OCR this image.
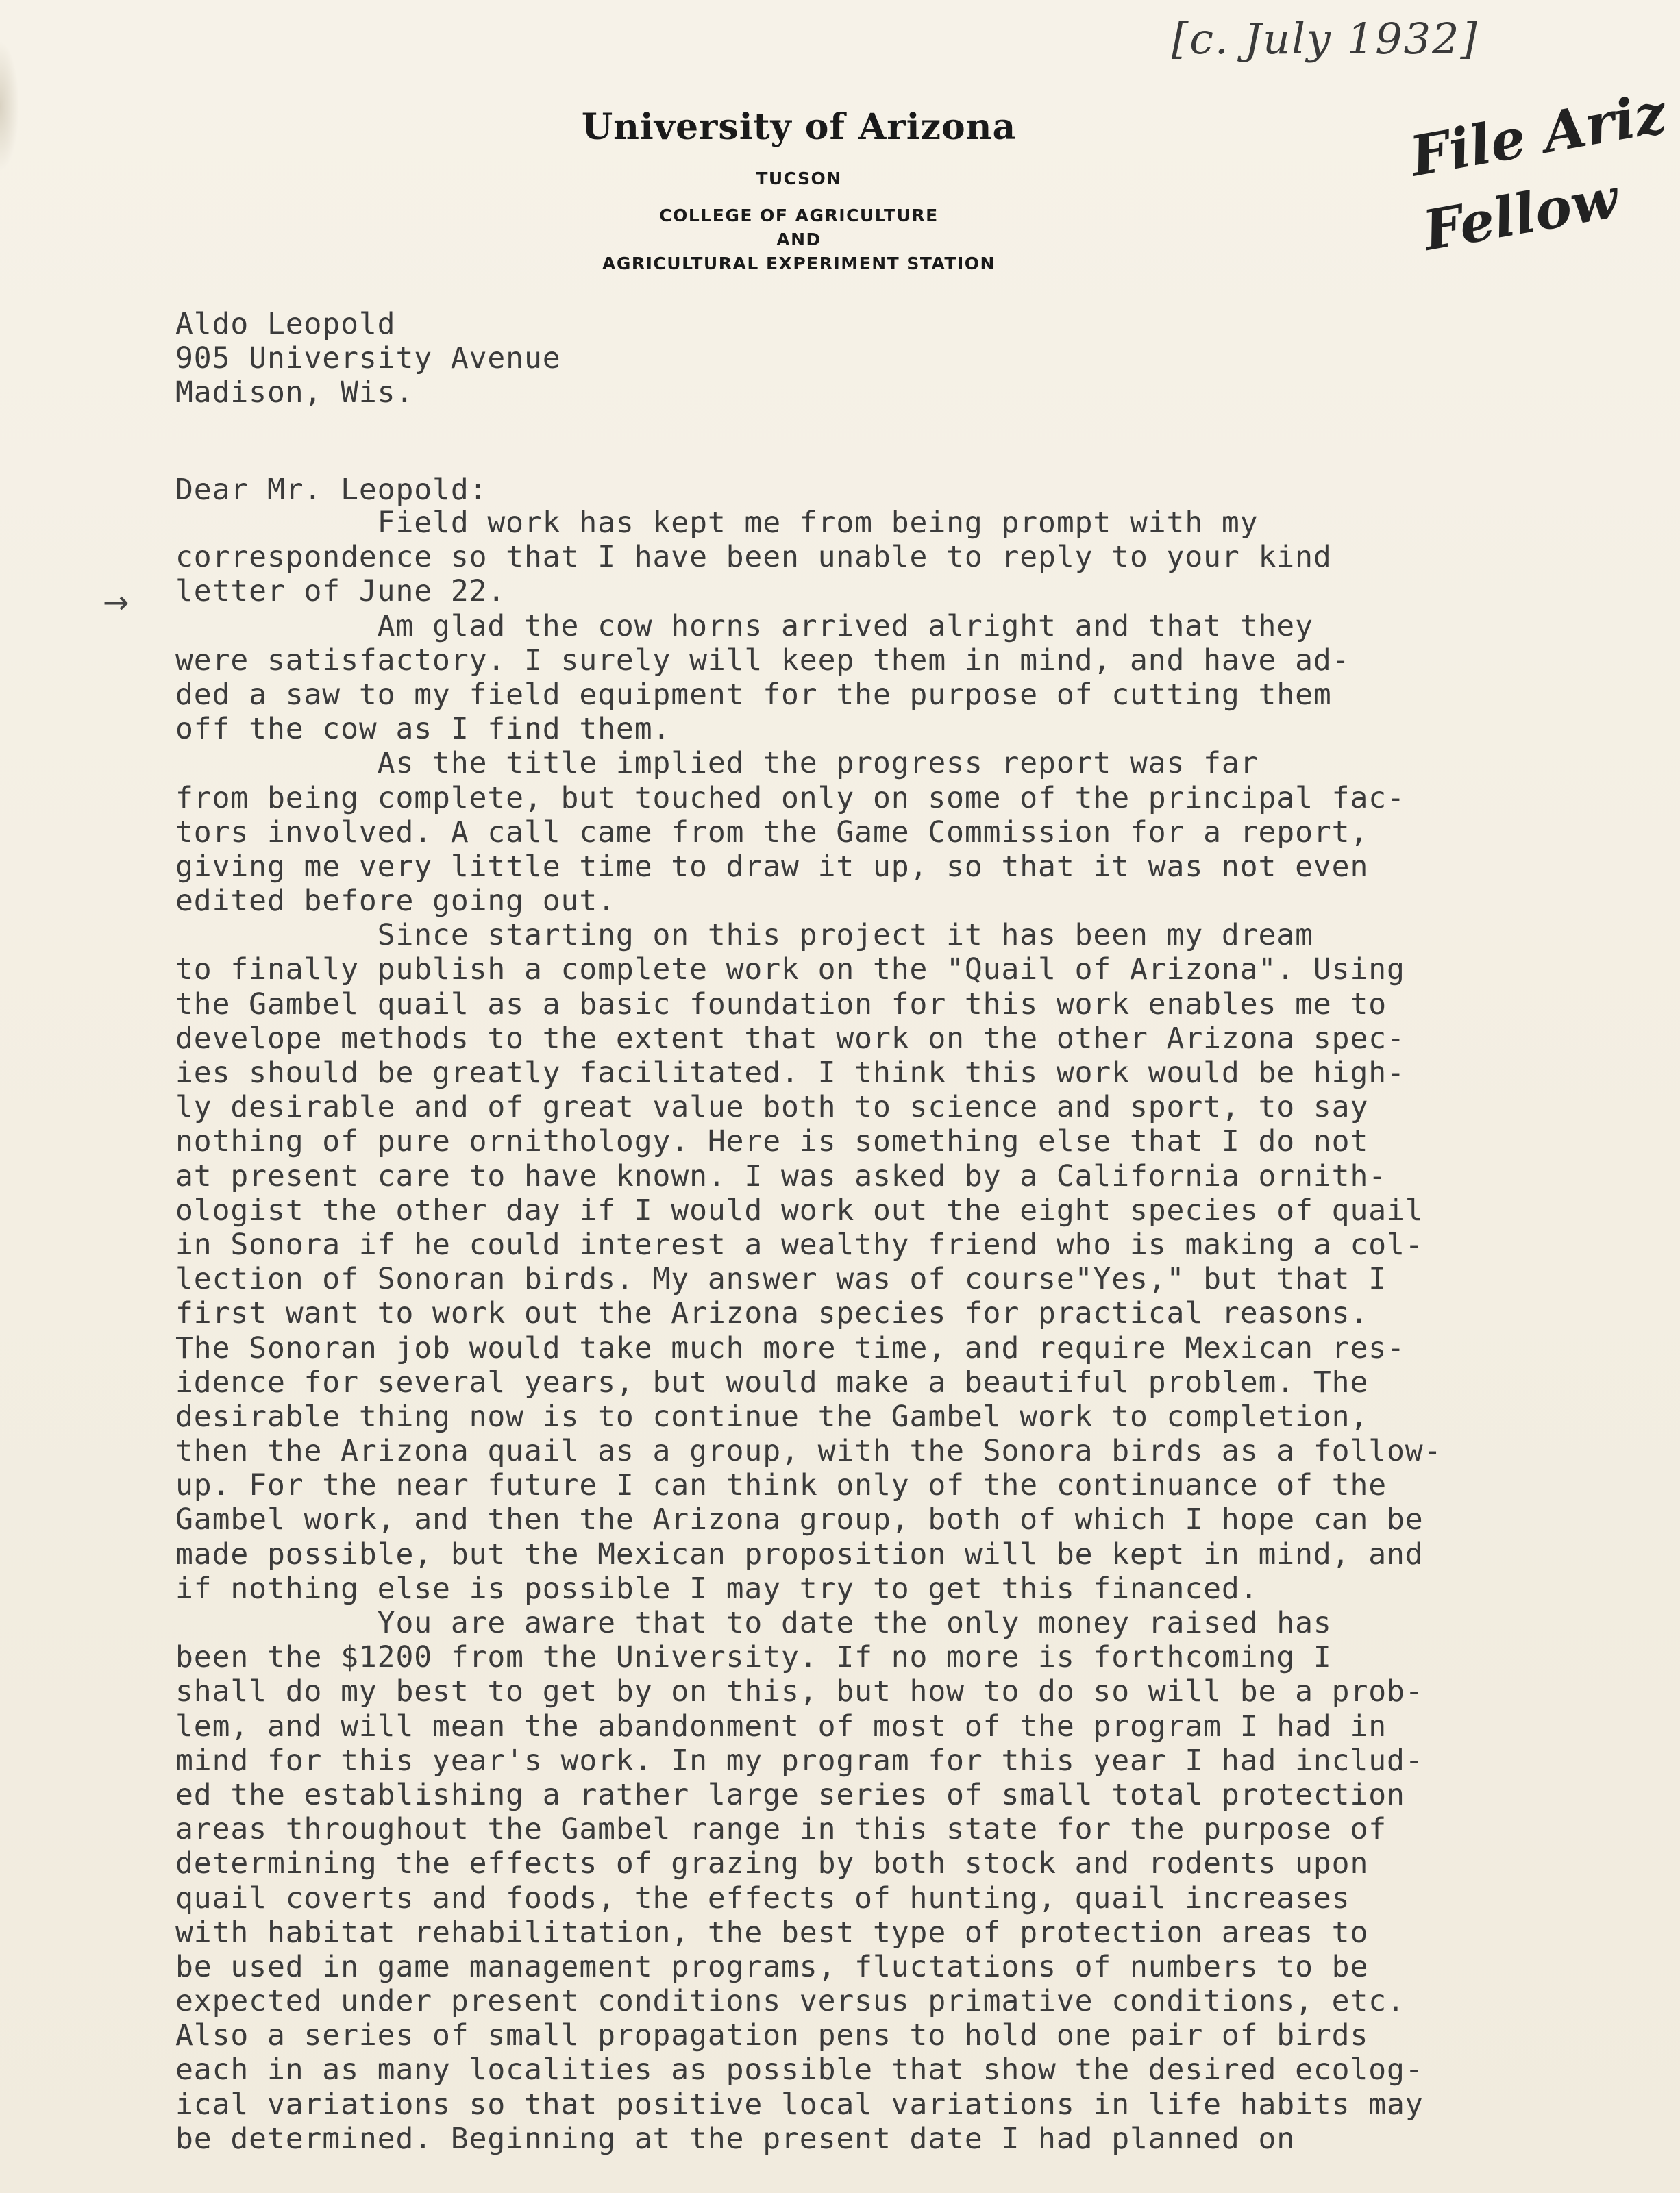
[c. July 1932]
File Ariz
Fellow
University of Arizona
TUCSON
COLLEGE OF AGRICULTURE
AND
AGRICULTURAL EXPERIMENT STATION
Aldo Leopold
905 University Avenue
Madison, Wis.
Dear Mr. Leopold:
→
Field work has kept me from being prompt with my
correspondence so that I have been unable to reply to your kind
letter of June 22.
Am glad the cow horns arrived alright and that they
were satisfactory. I surely will keep them in mind, and have ad-
ded a saw to my field equipment for the purpose of cutting them
off the cow as I find them.
As the title implied the progress report was far
from being complete, but touched only on some of the principal fac-
tors involved. A call came from the Game Commission for a report,
giving me very little time to draw it up, so that it was not even
edited before going out.
Since starting on this project it has been my dream
to finally publish a complete work on the "Quail of Arizona". Using
the Gambel quail as a basic foundation for this work enables me to
develope methods to the extent that work on the other Arizona spec-
ies should be greatly facilitated. I think this work would be high-
ly desirable and of great value both to science and sport, to say
nothing of pure ornithology. Here is something else that I do not
at present care to have known. I was asked by a California ornith-
ologist the other day if I would work out the eight species of quail
in Sonora if he could interest a wealthy friend who is making a col-
lection of Sonoran birds. My answer was of course"Yes," but that I
first want to work out the Arizona species for practical reasons.
The Sonoran job would take much more time, and require Mexican res-
idence for several years, but would make a beautiful problem. The
desirable thing now is to continue the Gambel work to completion,
then the Arizona quail as a group, with the Sonora birds as a follow-
up. For the near future I can think only of the continuance of the
Gambel work, and then the Arizona group, both of which I hope can be
made possible, but the Mexican proposition will be kept in mind, and
if nothing else is possible I may try to get this financed.
You are aware that to date the only money raised has
been the $1200 from the University. If no more is forthcoming I
shall do my best to get by on this, but how to do so will be a prob-
lem, and will mean the abandonment of most of the program I had in
mind for this year's work. In my program for this year I had includ-
ed the establishing a rather large series of small total protection
areas throughout the Gambel range in this state for the purpose of
determining the effects of grazing by both stock and rodents upon
quail coverts and foods, the effects of hunting, quail increases
with habitat rehabilitation, the best type of protection areas to
be used in game management programs, fluctations of numbers to be
expected under present conditions versus primative conditions, etc.
Also a series of small propagation pens to hold one pair of birds
each in as many localities as possible that show the desired ecolog-
ical variations so that positive local variations in life habits may
be determined. Beginning at the present date I had planned on
